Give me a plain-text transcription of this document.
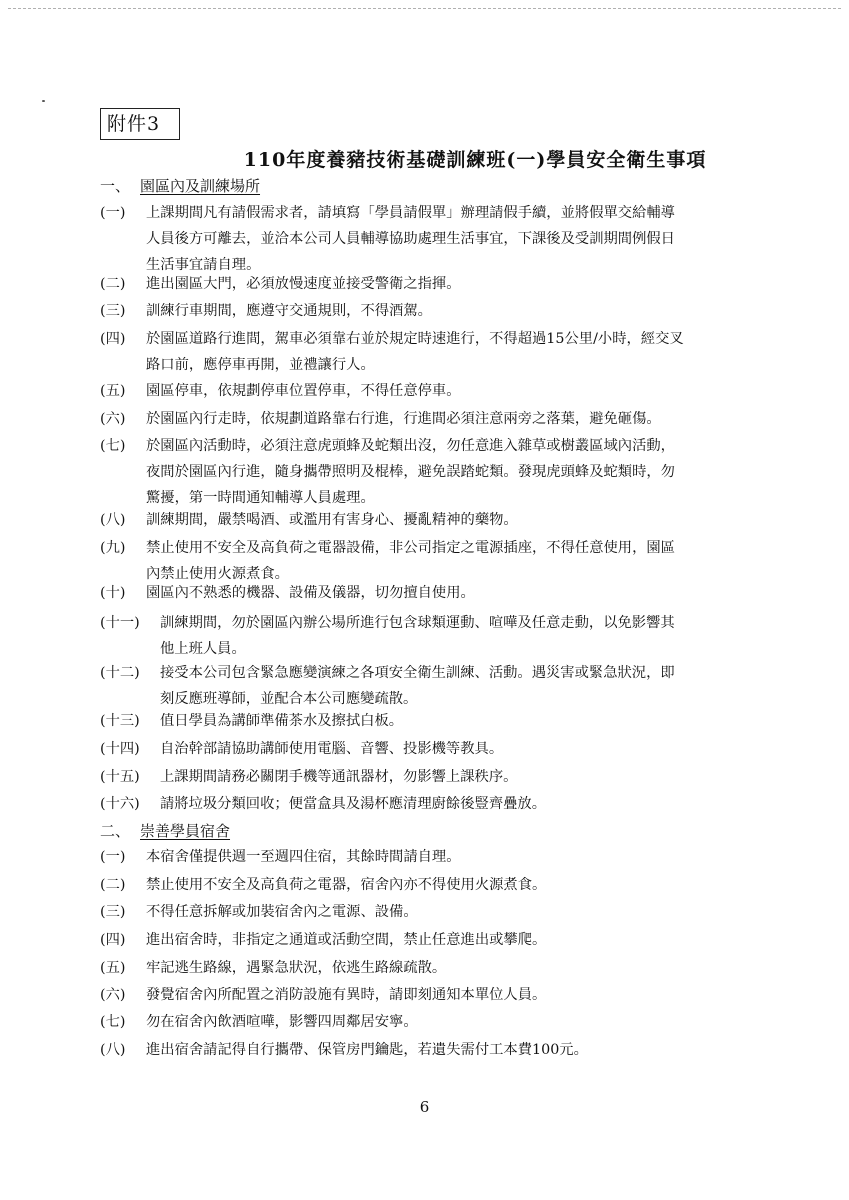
附件3
110年度養豬技術基礎訓練班(一)學員安全衛生事項
一、 園區內及訓練場所
(一) 上課期間凡有請假需求者，請填寫「學員請假單」辦理請假手續，並將假單交給輔導
人員後方可離去，並洽本公司人員輔導協助處理生活事宜，下課後及受訓期間例假日
生活事宜請自理。
(二) 進出園區大門，必須放慢速度並接受警衛之指揮。
(三) 訓練行車期間，應遵守交通規則，不得酒駕。
(四) 於園區道路行進間，駕車必須靠右並於規定時速進行，不得超過15公里/小時，經交叉
路口前，應停車再開，並禮讓行人。
(五) 園區停車，依規劃停車位置停車，不得任意停車。
(六) 於園區內行走時，依規劃道路靠右行進，行進間必須注意兩旁之落葉，避免砸傷。
(七) 於園區內活動時，必須注意虎頭蜂及蛇類出沒，勿任意進入雜草或樹叢區域內活動，
夜間於園區內行進，隨身攜帶照明及棍棒，避免誤踏蛇類。發現虎頭蜂及蛇類時，勿
驚擾，第一時間通知輔導人員處理。
(八) 訓練期間，嚴禁喝酒、或濫用有害身心、擾亂精神的藥物。
(九) 禁止使用不安全及高負荷之電器設備，非公司指定之電源插座，不得任意使用，園區
內禁止使用火源煮食。
(十) 園區內不熟悉的機器、設備及儀器，切勿擅自使用。
(十一) 訓練期間，勿於園區內辦公場所進行包含球類運動、喧嘩及任意走動，以免影響其
他上班人員。
(十二) 接受本公司包含緊急應變演練之各項安全衛生訓練、活動。遇災害或緊急狀況，即
刻反應班導師，並配合本公司應變疏散。
(十三) 值日學員為講師準備茶水及擦拭白板。
(十四) 自治幹部請協助講師使用電腦、音響、投影機等教具。
(十五) 上課期間請務必關閉手機等通訊器材，勿影響上課秩序。
(十六) 請將垃圾分類回收；便當盒具及湯杯應清理廚餘後豎齊疊放。
二、 崇善學員宿舍
(一) 本宿舍僅提供週一至週四住宿，其餘時間請自理。
(二) 禁止使用不安全及高負荷之電器，宿舍內亦不得使用火源煮食。
(三) 不得任意拆解或加裝宿舍內之電源、設備。
(四) 進出宿舍時，非指定之通道或活動空間，禁止任意進出或攀爬。
(五) 牢記逃生路線，遇緊急狀況，依逃生路線疏散。
(六) 發覺宿舍內所配置之消防設施有異時，請即刻通知本單位人員。
(七) 勿在宿舍內飲酒喧嘩，影響四周鄰居安寧。
(八) 進出宿舍請記得自行攜帶、保管房門鑰匙，若遺失需付工本費100元。
6
